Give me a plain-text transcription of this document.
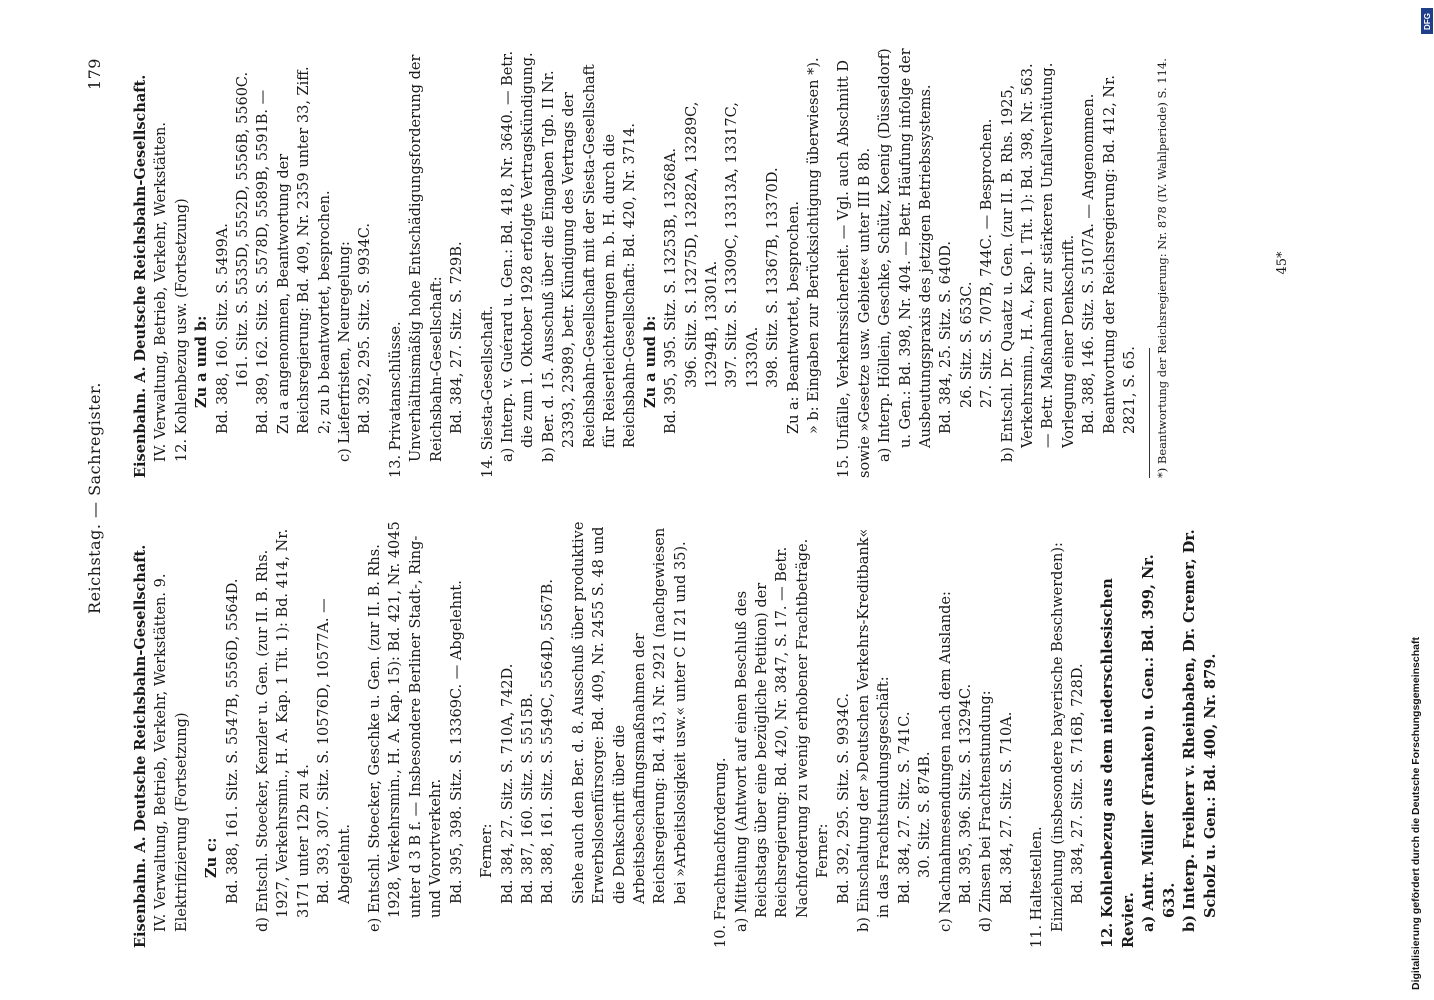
Reichstag. — Sachregister.
179

Eisenbahn. A. Deutsche Reichsbahn-Gesellschaft. IV. Verwaltung, Betrieb, Verkehr, Werkstätten. 9. Elektrifizierung (Fortsetzung) Zu c: Bd. 388, 161. Sitz. S. 5547B, 5556D, 5564D. d) Entschl. Stoecker, Kenzler u. Gen. (zur II. B. Rhs. 1927, Verkehrsmin., H. A. Kap. 1 Tit. 1): Bd. 414, Nr. 3171 unter 12b zu 4. Bd. 393, 307. Sitz. S. 10576D, 10577A. — Abgelehnt. e) Entschl. Stoecker, Geschke u. Gen. (zur II. B. Rhs. 1928, Verkehrsmin., H. A. Kap. 15): Bd. 421, Nr. 4045 unter d 3 B f. — Insbesondere Berliner Stadt-, Ring- und Vorortverkehr. Bd. 395, 398. Sitz. S. 13369C. — Abgelehnt. Ferner: Bd. 384, 27. Sitz. S. 710A, 742D. Bd. 387, 160. Sitz. S. 5515B. Bd. 388, 161. Sitz. S. 5549C, 5564D, 5567B. Siehe auch den Ber. d. 8. Ausschuß über produktive Erwerbslosenfürsorge: Bd. 409, Nr. 2455 S. 48 und die Denkschrift über die Arbeitsbeschaffungsmaßnahmen der Reichsregierung: Bd. 413, Nr. 2921 (nachgewiesen bei »Arbeitslosigkeit usw.« unter C II 21 und 35). 10. Frachtnachforderung. a) Mitteilung (Antwort auf einen Beschluß des Reichstags über eine bezügliche Petition) der Reichsregierung: Bd. 420, Nr. 3847, S. 17. — Betr. Nachforderung zu wenig erhobener Frachtbeträge. Ferner: Bd. 392, 295. Sitz. S. 9934C. b) Einschaltung der »Deutschen Verkehrs-Kreditbank« in das Frachtstundungsgeschäft: Bd. 384, 27. Sitz. S. 741C. 30. Sitz. S. 874B. c) Nachnahmesendungen nach dem Auslande: Bd. 395, 396. Sitz. S. 13294C. d) Zinsen bei Frachtenstundung: Bd. 384, 27. Sitz. S. 710A. 11. Haltestellen. Einziehung (insbesondere bayerische Beschwerden): Bd. 384, 27. Sitz. S. 716B, 728D. 12. Kohlenbezug aus dem niederschlesischen Revier. a) Antr. Müller (Franken) u. Gen.: Bd. 399, Nr. 633. b) Interp. Freiherr v. Rheinbaben, Dr. Cremer, Dr. Scholz u. Gen.: Bd. 400, Nr. 879.

Eisenbahn. A. Deutsche Reichsbahn-Gesellschaft. IV. Verwaltung, Betrieb, Verkehr, Werkstätten. 12. Kohlenbezug usw. (Fortsetzung) Zu a und b: Bd. 388, 160. Sitz. S. 5499A. 161. Sitz. S. 5535D, 5552D, 5556B, 5560C. Bd. 389, 162. Sitz. S. 5578D, 5589B, 5591B. — Zu a angenommen, Beantwortung der Reichsregierung: Bd. 409, Nr. 2359 unter 33, Ziff. 2; zu b beantwortet, besprochen. c) Lieferfristen, Neuregelung: Bd. 392, 295. Sitz. S. 9934C. 13. Privatanschlüsse. Unverhältnismäßig hohe Entschädigungsforderung der Reichsbahn-Gesellschaft: Bd. 384, 27. Sitz. S. 729B. 14. Siesta-Gesellschaft. a) Interp. v. Guérard u. Gen.: Bd. 418, Nr. 3640. — Betr. die zum 1. Oktober 1928 erfolgte Vertragskündigung. b) Ber. d. 15. Ausschuß über die Eingaben Tgb. II Nr. 23393, 23989, betr. Kündigung des Vertrags der Reichsbahn-Gesellschaft mit der Siesta-Gesellschaft für Reiserleichterungen m. b. H. durch die Reichsbahn-Gesellschaft: Bd. 420, Nr. 3714. Zu a und b: Bd. 395, 395. Sitz. S. 13253B, 13268A. 396. Sitz. S. 13275D, 13282A, 13289C, 13294B, 13301A. 397. Sitz. S. 13309C, 13313A, 13317C, 13330A. 398. Sitz. S. 13367B, 13370D. Zu a: Beantwortet, besprochen. » b: Eingaben zur Berücksichtigung überwiesen *). 15. Unfälle, Verkehrssicherheit. — Vgl. auch Abschnitt D sowie »Gesetze usw. Gebiete« unter III B 8b. a) Interp. Höllein, Geschke, Schütz, Koenig (Düsseldorf) u. Gen.: Bd. 398, Nr. 404. — Betr. Häufung infolge der Ausbeutungspraxis des jetzigen Betriebssystems. Bd. 384, 25. Sitz. S. 640D. 26. Sitz. S. 653C. 27. Sitz. S. 707B, 744C. — Besprochen. b) Entschl. Dr. Quaatz u. Gen. (zur II. B. Rhs. 1925, Verkehrsmin., H. A., Kap. 1 Tit. 1): Bd. 398, Nr. 563. — Betr. Maßnahmen zur stärkeren Unfallverhütung. Vorlegung einer Denkschrift. Bd. 388, 146. Sitz. S. 5107A. — Angenommen. Beantwortung der Reichsregierung: Bd. 412, Nr. 2821, S. 65. *) Beantwortung der Reichsregierung: Nr. 878 (IV. Wahlperiode) S. 114.	45*
Digitalisierung gefördert durch die Deutsche Forschungsgemeinschaft
DFG
